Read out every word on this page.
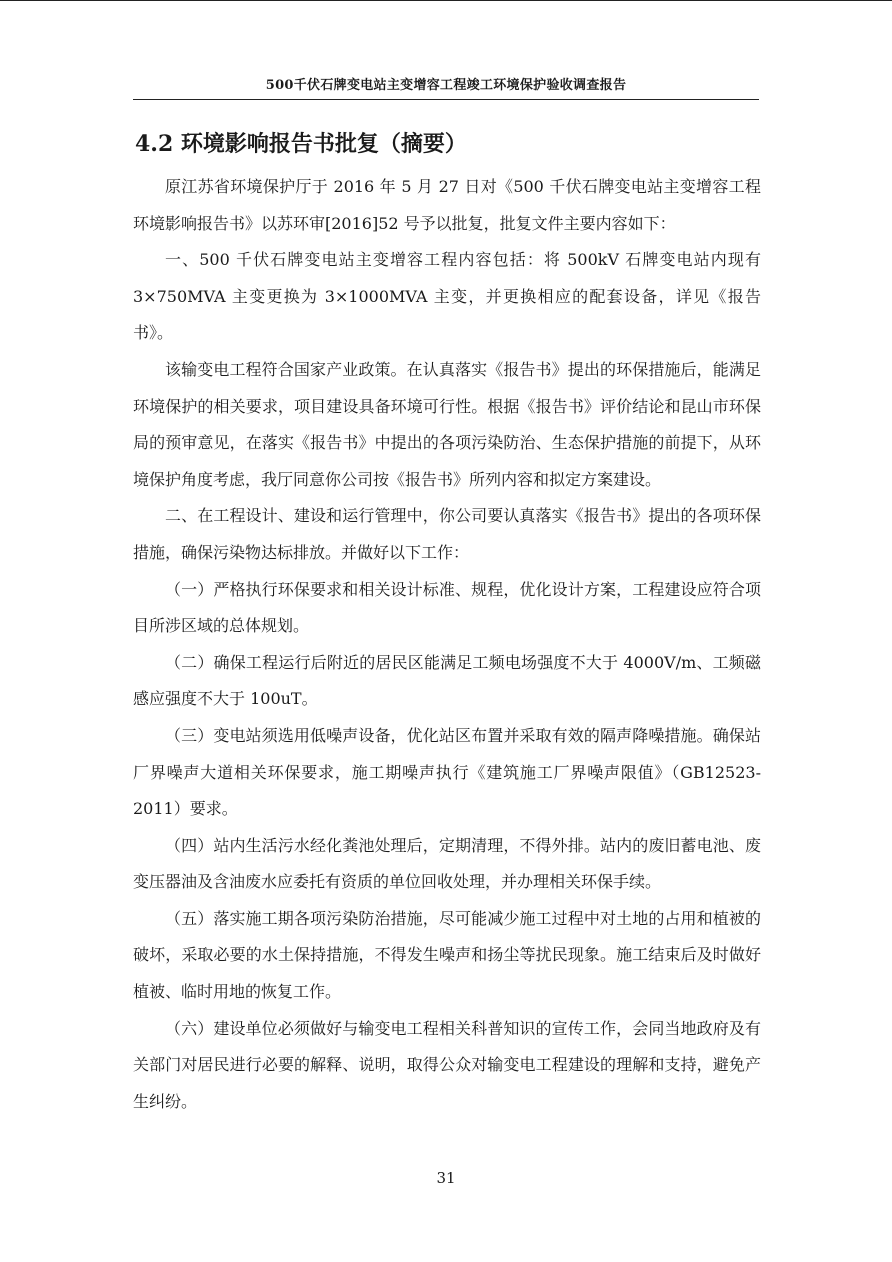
500千伏石牌变电站主变增容工程竣工环境保护验收调查报告
4.2 环境影响报告书批复（摘要）

原江苏省环境保护厅于 2016 年 5 月 27 日对《500 千伏石牌变电站主变增容工程环境影响报告书》以苏环审[2016]52 号予以批复，批复文件主要内容如下：

一、500 千伏石牌变电站主变增容工程内容包括：将 500kV 石牌变电站内现有 3×750MVA 主变更换为 3×1000MVA 主变，并更换相应的配套设备，详见《报告书》。

该输变电工程符合国家产业政策。在认真落实《报告书》提出的环保措施后，能满足环境保护的相关要求，项目建设具备环境可行性。根据《报告书》评价结论和昆山市环保局的预审意见，在落实《报告书》中提出的各项污染防治、生态保护措施的前提下，从环境保护角度考虑，我厅同意你公司按《报告书》所列内容和拟定方案建设。

二、在工程设计、建设和运行管理中，你公司要认真落实《报告书》提出的各项环保措施，确保污染物达标排放。并做好以下工作：

（一）严格执行环保要求和相关设计标准、规程，优化设计方案，工程建设应符合项目所涉区域的总体规划。

（二）确保工程运行后附近的居民区能满足工频电场强度不大于 4000V/m、工频磁感应强度不大于 100uT。

（三）变电站须选用低噪声设备，优化站区布置并采取有效的隔声降噪措施。确保站厂界噪声大道相关环保要求，施工期噪声执行《建筑施工厂界噪声限值》（GB12523-2011）要求。

（四）站内生活污水经化粪池处理后，定期清理，不得外排。站内的废旧蓄电池、废变压器油及含油废水应委托有资质的单位回收处理，并办理相关环保手续。

（五）落实施工期各项污染防治措施，尽可能减少施工过程中对土地的占用和植被的破坏，采取必要的水土保持措施，不得发生噪声和扬尘等扰民现象。施工结束后及时做好植被、临时用地的恢复工作。

（六）建设单位必须做好与输变电工程相关科普知识的宣传工作，会同当地政府及有关部门对居民进行必要的解释、说明，取得公众对输变电工程建设的理解和支持，避免产生纠纷。

31
